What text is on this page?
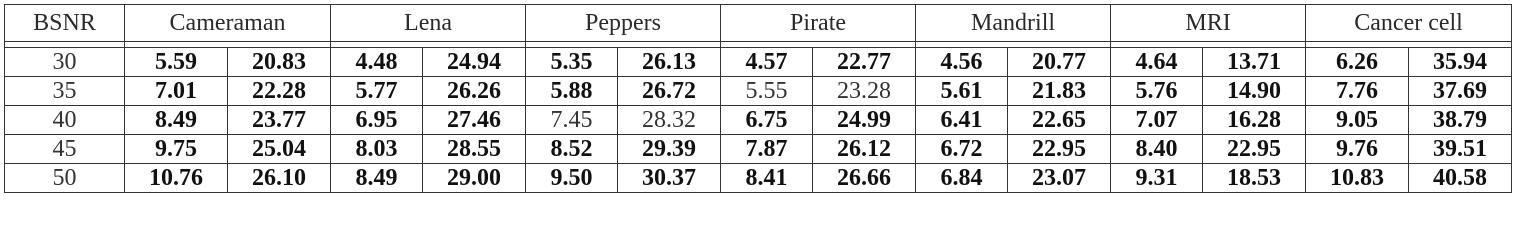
BSNR	Cameraman		Lena		Peppers		Pirate		Mandrill		MRI		Cancer cell	

30	5.59	20.83	4.48	24.94	5.35	26.13	4.57	22.77	4.56	20.77	4.64	13.71	6.26	35.94
35	7.01	22.28	5.77	26.26	5.88	26.72	5.55	23.28	5.61	21.83	5.76	14.90	7.76	37.69
40	8.49	23.77	6.95	27.46	7.45	28.32	6.75	24.99	6.41	22.65	7.07	16.28	9.05	38.79
45	9.75	25.04	8.03	28.55	8.52	29.39	7.87	26.12	6.72	22.95	8.40	22.95	9.76	39.51
50	10.76	26.10	8.49	29.00	9.50	30.37	8.41	26.66	6.84	23.07	9.31	18.53	10.83	40.58
